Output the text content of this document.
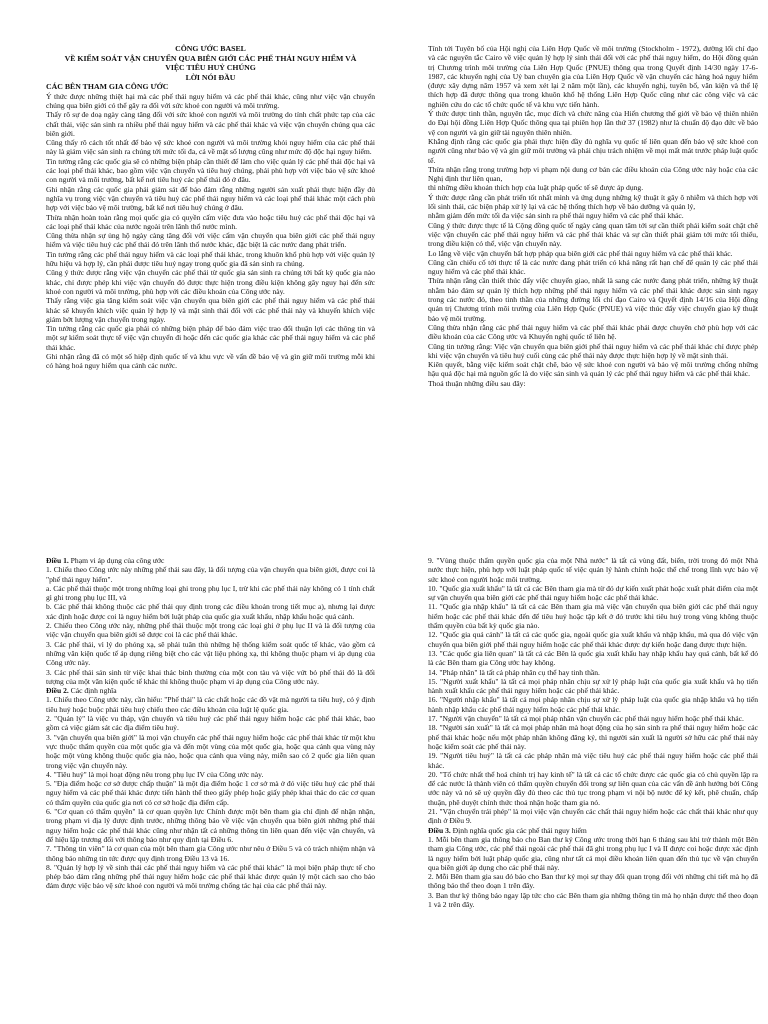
CÔNG ƯỚC BASEL
VỀ KIỂM SOÁT VẬN CHUYỂN QUA BIÊN GIỚI CÁC PHẾ THẢI NGUY HIỂM VÀ
VIỆC TIÊU HUỶ CHÚNG
LỜI NÓI ĐẦU

CÁC BÊN THAM GIA CÔNG ƯỚC

Ý thức được những thiệt hại mà các phế thải nguy hiểm và các phế thải khác, cũng như việc vận chuyển chúng qua biên giới có thể gây ra đối với sức khoẻ con người và môi trường.

Thấy rõ sự đe doạ ngày càng tăng đối với sức khoẻ con người và môi trường do tính chất phức tạp của các chất thải, việc sản sinh ra nhiều phế thải nguy hiểm và các phế thải khác và việc vận chuyển chúng qua các biên giới.

Cũng thấy rõ cách tốt nhất để bảo vệ sức khoẻ con người và môi trường khỏi nguy hiểm của các phế thải này là giảm việc sản sinh ra chúng tới mức tối đa, cả về mặt số lượng cũng như mức độ độc hại nguy hiểm.

Tin tưởng rằng các quốc gia sẽ có những biện pháp cần thiết để làm cho việc quản lý các phế thải độc hại và các loại phế thải khác, bao gồm việc vận chuyển và tiêu huỷ chúng, phải phù hợp với việc bảo vệ sức khoẻ con người và môi trường, bất kể nơi tiêu huỷ các phế thải đó ở đâu.

Ghi nhận rằng các quốc gia phải giám sát để bảo đảm rằng những người sản xuất phải thực hiện đầy đủ nghĩa vụ trong việc vận chuyển và tiêu huỷ các phế thải nguy hiểm và các loại phế thải khác một cách phù hợp với việc bảo vệ môi trường, bất kể nơi tiêu huỷ chúng ở đâu.

Thừa nhận hoàn toàn rằng mọi quốc gia có quyền cấm việc đưa vào hoặc tiêu huỷ các phế thải độc hại và các loại phế thải khác của nước ngoài trên lãnh thổ nước mình.

Cũng thừa nhận sự ủng hộ ngày càng tăng đối với việc cấm vận chuyển qua biên giới các phế thải nguy hiểm và việc tiêu huỷ các phế thải đó trên lãnh thổ nước khác, đặc biệt là các nước đang phát triển.

Tin tưởng rằng các phế thải nguy hiểm và các loại phế thải khác, trong khuôn khổ phù hợp với việc quản lý hữu hiệu và hợp lý, cần phải được tiêu huỷ ngay trong quốc gia đã sản sinh ra chúng.

Cũng ý thức được rằng việc vận chuyển các phế thải từ quốc gia sản sinh ra chúng tới bất kỳ quốc gia nào khác, chỉ được phép khi việc vận chuyển đó được thực hiện trong điều kiện không gây nguy hại đến sức khoẻ con người và môi trường, phù hợp với các điều khoản của Công ước này.

Thấy rằng việc gia tăng kiểm soát việc vận chuyển qua biên giới các phế thải nguy hiểm và các phế thải khác sẽ khuyến khích việc quản lý hợp lý và mặt sinh thái đối với các phế thải này và khuyến khích việc giảm bớt lượng vận chuyển trong ngày.

Tin tưởng rằng các quốc gia phải có những biện pháp để bảo đảm việc trao đổi thuận lợi các thông tin và một sự kiểm soát thực tế việc vận chuyển đi hoặc đến các quốc gia khác các phế thải nguy hiểm và các phế thải khác.

Ghi nhận rằng đã có một số hiệp định quốc tế và khu vực về vấn đề bảo vệ và gìn giữ môi trường mỗi khi có hàng hoá nguy hiểm qua cảnh các nước.

Tính tới Tuyên bố của Hội nghị của Liên Hợp Quốc về môi trường (Stockholm - 1972), đường lối chỉ đạo và các nguyên tắc Cairo về việc quản lý hợp lý sinh thái đối với các phế thải nguy hiểm, do Hội đồng quản trị Chương trình môi trường của Liên Hợp Quốc (PNUE) thông qua trong Quyết định 14/30 ngày 17-6-1987, các khuyến nghị của Uỷ ban chuyên gia của Liên Hợp Quốc về vận chuyển các hàng hoá nguy hiểm (được xây dựng năm 1957 và xem xét lại 2 năm một lần), các khuyến nghị, tuyên bố, văn kiện và thể lệ thích hợp đã được thông qua trong khuôn khổ hệ thống Liên Hợp Quốc cũng như các công việc và các nghiên cứu do các tổ chức quốc tế và khu vực tiến hành.

Ý thức được tinh thần, nguyên tắc, mục đích và chức năng của Hiến chương thế giới về bảo vệ thiên nhiên do Đại hội đồng Liên Hợp Quốc thông qua tại phiên họp lần thứ 37 (1982) như là chuẩn độ đạo đức về bảo vệ con người và gìn giữ tài nguyên thiên nhiên.

Khẳng định rằng các quốc gia phải thực hiện đầy đủ nghĩa vụ quốc tế liên quan đến bảo vệ sức khoẻ con người cũng như bảo vệ và gìn giữ môi trường và phải chịu trách nhiệm về mọi mất mát trước pháp luật quốc tế.

Thừa nhận rằng trong trường hợp vi phạm nội dung cơ bản các điều khoản của Công ước này hoặc của các Nghị định thư liên quan,

thì những điều khoản thích hợp của luật pháp quốc tế sẽ được áp dụng.

Ý thức được rằng cần phát triển tốt nhất mình và ứng dụng những kỹ thuật ít gây ô nhiễm và thích hợp với lối sinh thái, các biện pháp xử lý lại và các hệ thống thích hợp về bảo dưỡng và quản lý,

nhằm giảm đến mức tối đa việc sản sinh ra phế thải nguy hiểm và các phế thải khác.

Cũng ý thức được thực tế là Cộng đồng quốc tế ngày càng quan tâm tới sự cần thiết phải kiểm soát chặt chẽ việc vận chuyển các phế thải nguy hiểm và các phế thải khác và sự cần thiết phải giảm tới mức tối thiểu, trong điều kiện có thể, việc vận chuyển này.

Lo lắng về việc vận chuyển bất hợp pháp qua biên giới các phế thải nguy hiểm và các phế thải khác.

Cũng cần chiếu cố tới thực tế là các nước đang phát triển có khả năng rất hạn chế để quản lý các phế thải nguy hiểm và các phế thải khác.

Thừa nhận rằng cần thiết thúc đẩy việc chuyển giao, nhất là sang các nước đang phát triển, những kỹ thuật nhằm bảo đảm sự quản lý thích hợp những phế thải nguy hiểm và các phế thải khác được sản sinh ngay trong các nước đó, theo tinh thần của những đường lối chỉ đạo Cairo và Quyết định 14/16 của Hội đồng quản trị Chương trình môi trường của Liên Hợp Quốc (PNUE) và việc thúc đẩy việc chuyển giao kỹ thuật bảo vệ môi trường.

Cũng thừa nhận rằng các phế thải nguy hiểm và các phế thải khác phải được chuyên chở phù hợp với các điều khoản của các Công ước và Khuyến nghị quốc tế liên hệ.

Cũng tin tưởng rằng: Việc vận chuyển qua biên giới phế thải nguy hiểm và các phế thải khác chỉ được phép khi việc vận chuyển và tiêu huỷ cuối cùng các phế thải này được thực hiện hợp lý về mặt sinh thái.

Kiên quyết, bằng việc kiểm soát chặt chẽ, bảo vệ sức khoẻ con người và bảo vệ môi trường chống những hậu quả độc hại mà nguồn gốc là do việc sản sinh và quản lý các phế thải nguy hiểm và các phế thải khác.

Thoả thuận những điều sau đây:

Điều 1. Phạm vi áp dụng của công ước

1. Chiếu theo Công ước này những phế thải sau đây, là đối tượng của vận chuyển qua biên giới, được coi là "phế thải nguy hiểm".

a. Các phế thải thuộc một trong những loại ghi trong phụ lục I, trừ khi các phế thải này không có 1 tính chất gì ghi trong phụ lục III, và

b. Các phế thải không thuộc các phế thải quy định trong các điều khoản trong tiết mục a), nhưng lại được xác định hoặc được coi là nguy hiểm bởi luật pháp của quốc gia xuất khẩu, nhập khẩu hoặc quá cảnh.

2. Chiếu theo Công ước này, những phế thải thuộc một trong các loại ghi ở phụ lục II và là đối tượng của việc vận chuyển qua biên giới sẽ được coi là các phế thải khác.

3. Các phế thải, vì lý do phóng xạ, sẽ phải tuân thủ những hệ thống kiểm soát quốc tế khác, vào gồm cả những văn kiện quốc tế áp dụng riêng biệt cho các vật liệu phóng xạ, thì không thuộc phạm vi áp dụng của Công ước này.

3. Các phế thải sản sinh từ việc khai thác bình thường của một con tàu và việc vứt bỏ phế thải đó là đối tượng của một văn kiện quốc tế khác thì không thuộc phạm vi áp dụng của Công ước này.

Điều 2. Các định nghĩa

1. Chiếu theo Công ước này, cần hiểu: "Phế thải" là các chất hoặc các đồ vật mà người ta tiêu huỷ, có ý định tiêu huỷ hoặc buộc phải tiêu huỷ chiếu theo các điều khoản của luật lệ quốc gia.

2. "Quản lý" là việc vu tháp, vận chuyển và tiêu huỷ các phế thải nguy hiểm hoặc các phế thải khác, bao gồm cả việc giám sát các địa điểm tiêu huỷ.

3. "vận chuyển qua biên giới" là mọi vận chuyển các phế thải nguy hiểm hoặc các phế thải khác từ một khu vực thuộc thẩm quyền của một quốc gia và đến một vùng của một quốc gia, hoặc qua cảnh qua vùng này hoặc một vùng không thuộc quốc gia nào, hoặc qua cảnh qua vùng này, miễn sao có 2 quốc gia liên quan trong việc vận chuyển này.

4. "Tiêu huỷ" là mọi hoạt động nêu trong phụ lục IV của Công ước này.

5. "Địa điểm hoặc cơ sở được chấp thuận" là một địa điểm hoặc 1 cơ sở mà ở đó việc tiêu huỷ các phế thải nguy hiểm và các phế thải khác được tiến hành thể theo giấy phép hoặc giấy phép khai thác do các cơ quan có thẩm quyền của quốc gia nơi có cơ sở hoặc địa điểm cấp.

6. "Cơ quan có thẩm quyền" là cơ quan quyền lực Chính được một bên tham gia chỉ định để nhận nhận, trong phạm vi địa lý được định trước, những thông báo về việc vận chuyển qua biên giới những phế thải nguy hiểm hoặc các phế thải khác cũng như nhận tất cả những thông tin liên quan đến việc vận chuyển, và để hiệu lập trương đối với thông báo như quy định tại Điều 6.

7. "Thông tin viên" là cơ quan của một bên tham gia Công ước như nêu ở Điều 5 và có trách nhiệm nhận và thông báo những tin tức được quy định trong Điều 13 và 16.

8. "Quản lý hợp lý về sinh thái các phế thải nguy hiểm và các phế thải khác" là mọi biện pháp thực tế cho phép bảo đảm rằng những phế thải nguy hiểm hoặc các phế thải khác được quản lý một cách sao cho bảo đảm được việc bảo vệ sức khoẻ con người và môi trường chống tác hại của các phế thải này.

9. "Vùng thuộc thẩm quyền quốc gia của một Nhà nước" là tất cả vùng đất, biển, trời trong đó một Nhà nước thực hiện, phù hợp với luật pháp quốc tế việc quản lý hành chính hoặc thể chế trong lĩnh vực bảo vệ sức khoẻ con người hoặc môi trường.

10. "Quốc gia xuất khẩu" là tất cả các Bên tham gia mà từ đó dự kiến xuất phát hoặc xuất phát điểm của một sự vận chuyển qua biên giới các phế thải nguy hiểm hoặc các phế thải khác.

11. "Quốc gia nhập khẩu" là tất cả các Bên tham gia mà việc vận chuyển qua biên giới các phế thải nguy hiểm hoặc các phế thải khác đến để tiêu huỷ hoặc tập kết ở đó trước khi tiêu huỷ trong vùng không thuộc thẩm quyền của bất kỳ quốc gia nào.

12. "Quốc gia quá cảnh" là tất cả các quốc gia, ngoài quốc gia xuất khẩu và nhập khẩu, mà qua đó việc vận chuyển qua biên giới phế thải nguy hiểm hoặc các phế thải khác được dự kiến hoặc đang được thực hiện.

13. "Các quốc gia liên quan" là tất cả các Bên là quốc gia xuất khẩu hay nhập khẩu hay quá cảnh, bất kể đó là các Bên tham gia Công ước hay không.

14. "Pháp nhân" là tất cả pháp nhân cụ thể hay tinh thần.

15. "Người xuất khẩu" là tất cả mọi pháp nhân chịu sự xử lý pháp luật của quốc gia xuất khẩu và họ tiến hành xuất khẩu các phế thải nguy hiểm hoặc các phế thải khác.

16. "Người nhập khẩu" là tất cả mọi pháp nhân chịu sự xử lý pháp luật của quốc gia nhập khẩu và họ tiến hành nhập khẩu các phế thải nguy hiểm hoặc các phế thải khác.

17. "Người vận chuyển" là tất cả mọi pháp nhân vận chuyển các phế thải nguy hiểm hoặc phế thải khác.

18. "Người sản xuất" là tất cả mọi pháp nhân mà hoạt động của họ sản sinh ra phế thải nguy hiểm hoặc các phế thải khác hoặc nếu một pháp nhân không đăng ký, thì người sản xuất là người sở hữu các phế thải này hoặc kiểm soát các phế thải này.

19. "Người tiêu huỷ" là tất cả các pháp nhân mà việc tiêu huỷ các phế thải nguy hiểm hoặc các phế thải khác.

20. "Tổ chức nhất thể hoá chính trị hay kinh tế" là tất cả các tổ chức được các quốc gia có chủ quyền lập ra để các nước là thành viên có thẩm quyền chuyển đổi trong sự liên quan của các vấn đề ảnh hưởng bởi Công ước này và nó sẽ uỷ quyền đầy đủ theo các thủ tục trong phạm vi nội bộ nước để ký kết, phê chuẩn, chấp thuận, phê duyệt chính thức thoả nhận hoặc tham gia nó.

21. "Vận chuyển trái phép" là mọi việc vận chuyển các chất thải nguy hiểm hoặc các chất thải khác như quy định ở Điều 9.

Điều 3. Định nghĩa quốc gia các phế thải nguy hiểm

1. Mỗi bên tham gia thông báo cho Ban thư ký Công ước trong thời hạn 6 tháng sau khi trở thành một Bên tham gia Công ước, các phế thải ngoài các phế thải đã ghi trong phụ lục I và II được coi hoặc được xác định là nguy hiểm bởi luật pháp quốc gia, cũng như tất cả mọi điều khoản liên quan đến thủ tục về vận chuyển qua biên giới áp dụng cho các phế thải này.

2. Mỗi Bên tham gia sau đó báo cho Ban thư ký mọi sự thay đổi quan trọng đối với những chi tiết mà họ đã thông báo thể theo đoạn 1 trên đây.

3. Ban thư ký thông báo ngay lập tức cho các Bên tham gia những thông tin mà họ nhận được thể theo đoạn 1 và 2 trên đây.
